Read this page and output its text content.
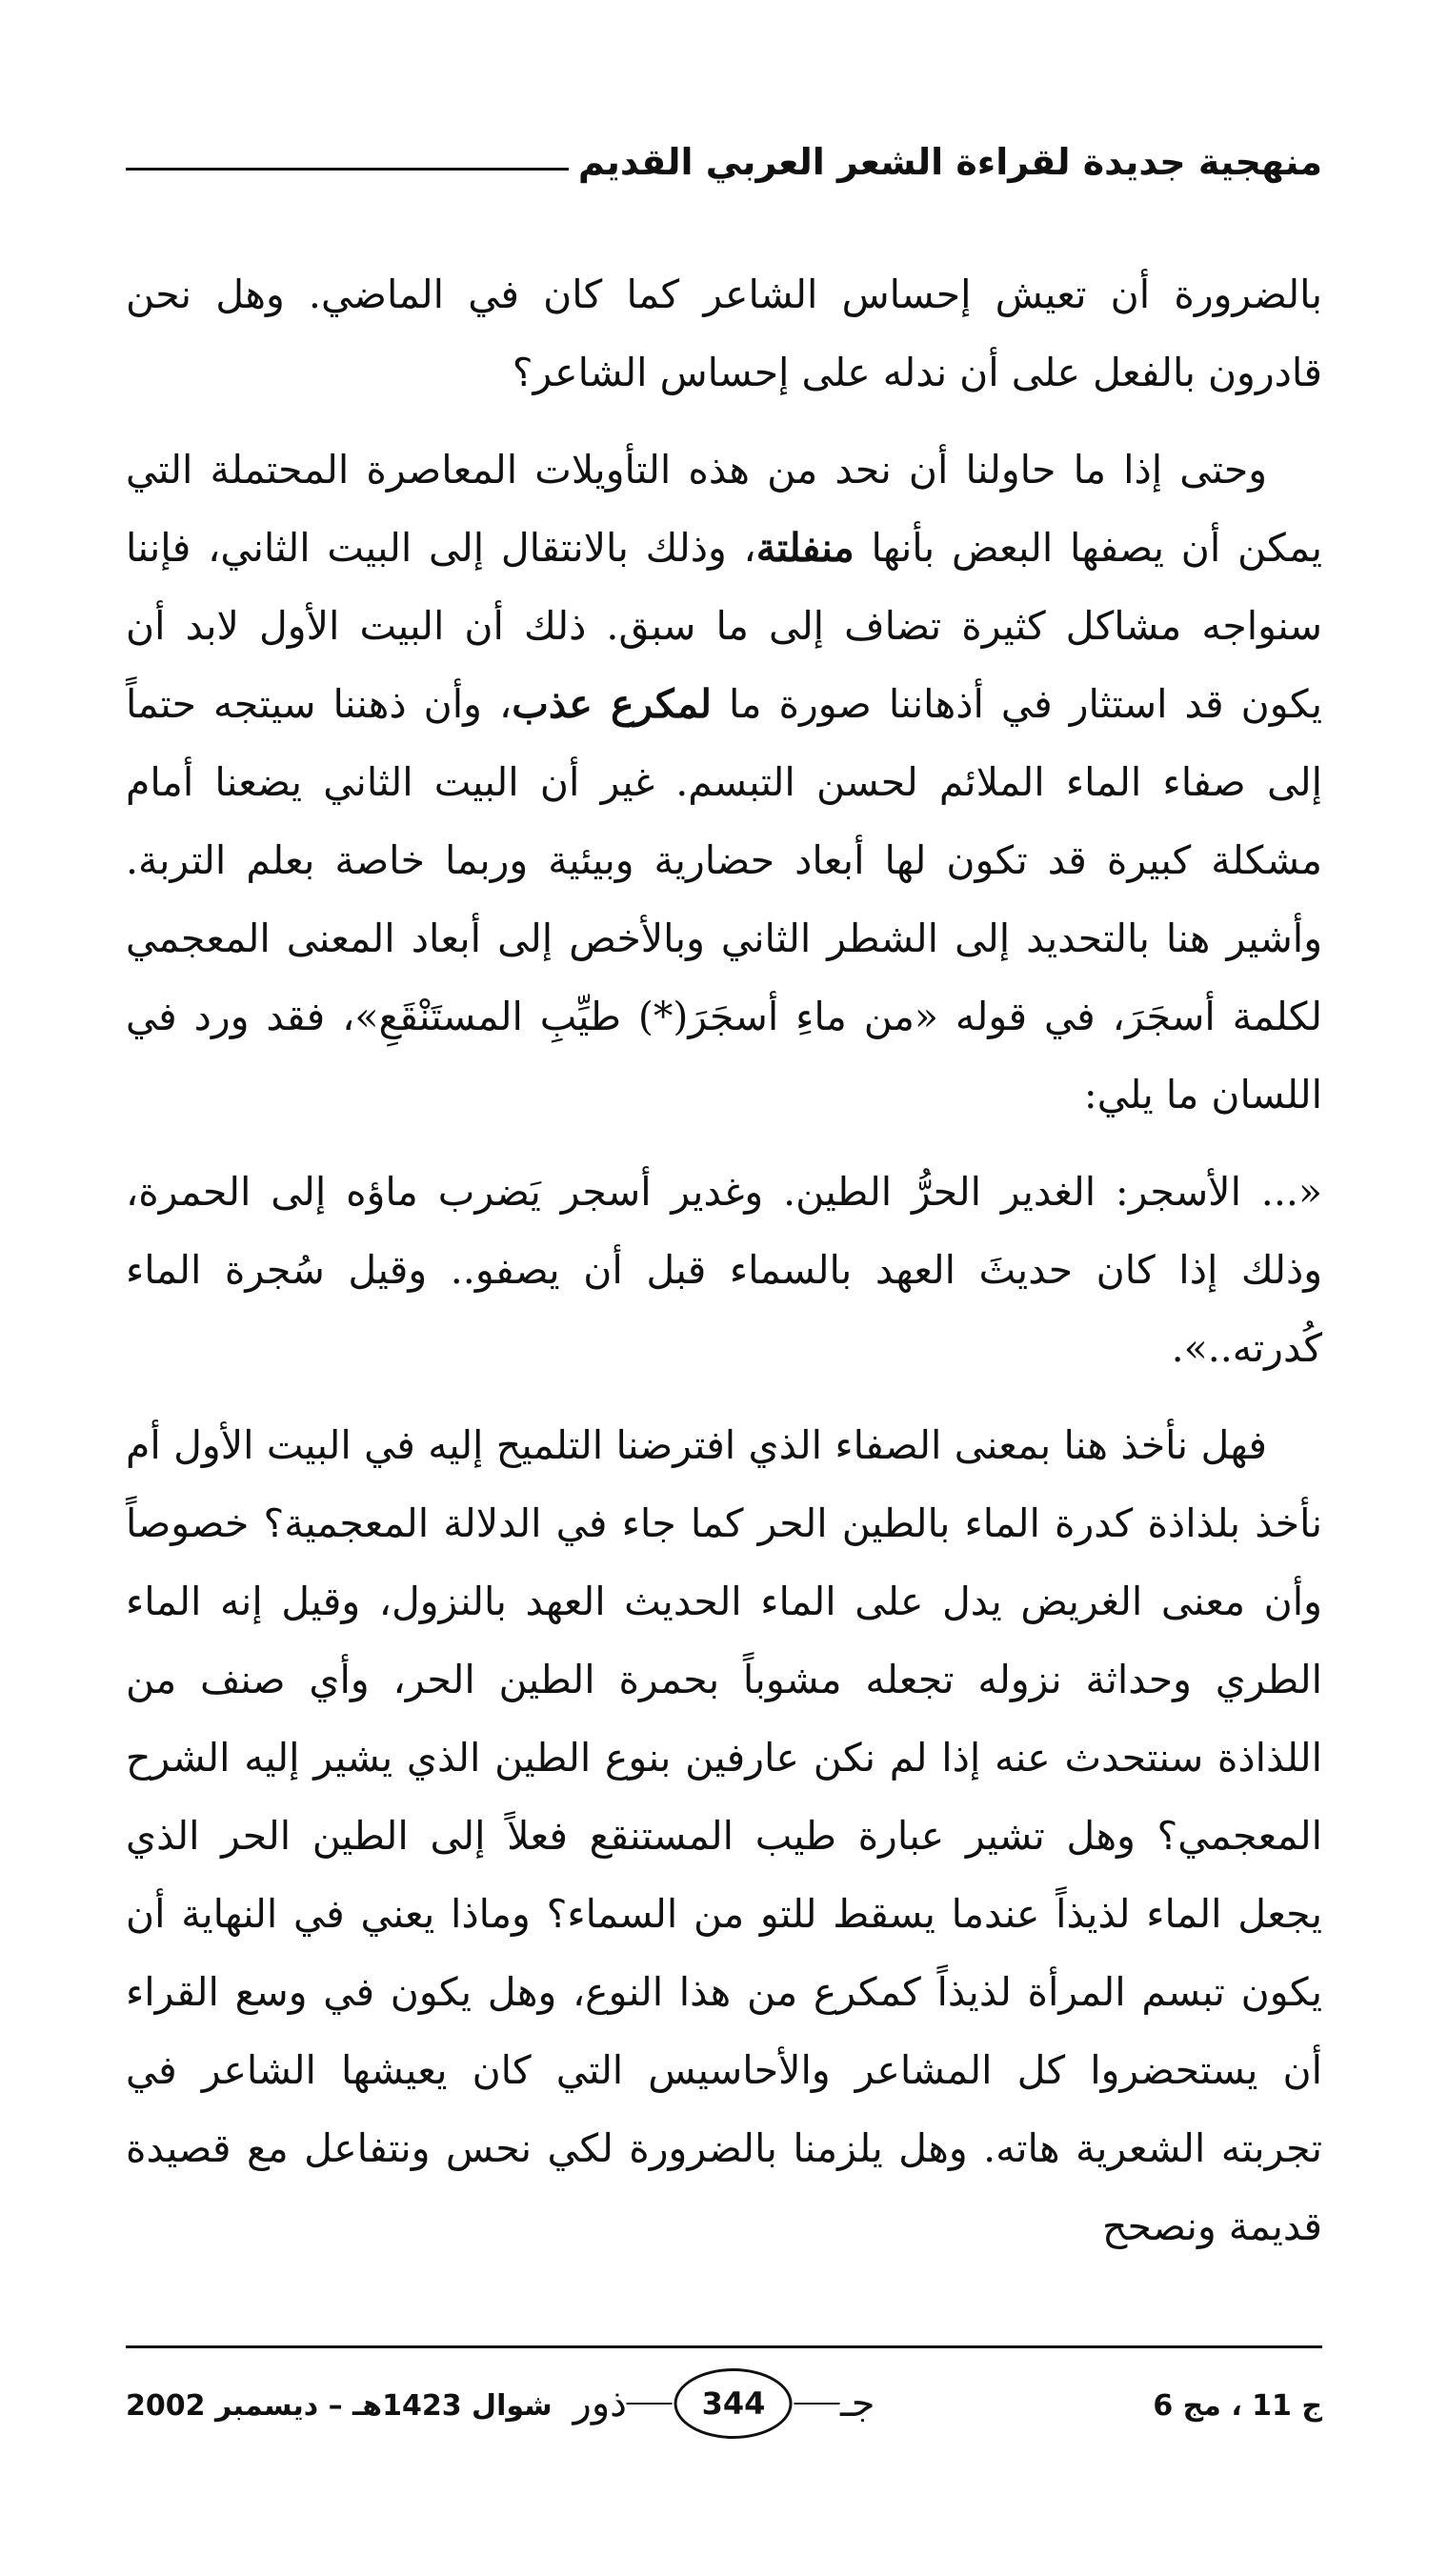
منهجية جديدة لقراءة الشعر العربي القديم

بالضرورة أن تعيش إحساس الشاعر كما كان في الماضي. وهل نحن قادرون بالفعل على أن ندله على إحساس الشاعر؟

وحتى إذا ما حاولنا أن نحد من هذه التأويلات المعاصرة المحتملة التي يمكن أن يصفها البعض بأنها منفلتة، وذلك بالانتقال إلى البيت الثاني، فإننا سنواجه مشاكل كثيرة تضاف إلى ما سبق. ذلك أن البيت الأول لابد أن يكون قد استثار في أذهاننا صورة ما لمكرع عذب، وأن ذهننا سيتجه حتماً إلى صفاء الماء الملائم لحسن التبسم. غير أن البيت الثاني يضعنا أمام مشكلة كبيرة قد تكون لها أبعاد حضارية وبيئية وربما خاصة بعلم التربة. وأشير هنا بالتحديد إلى الشطر الثاني وبالأخص إلى أبعاد المعنى المعجمي لكلمة أسجَرَ، في قوله «من ماءِ أسجَرَ(*) طيِّبِ المستَنْقَعِ»، فقد ورد في اللسان ما يلي:

«... الأسجر: الغدير الحرُّ الطين. وغدير أسجر يَضرب ماؤه إلى الحمرة، وذلك إذا كان حديثَ العهد بالسماء قبل أن يصفو.. وقيل سُجرة الماء كُدرته..».

فهل نأخذ هنا بمعنى الصفاء الذي افترضنا التلميح إليه في البيت الأول أم نأخذ بلذاذة كدرة الماء بالطين الحر كما جاء في الدلالة المعجمية؟ خصوصاً وأن معنى الغريض يدل على الماء الحديث العهد بالنزول، وقيل إنه الماء الطري وحداثة نزوله تجعله مشوباً بحمرة الطين الحر، وأي صنف من اللذاذة سنتحدث عنه إذا لم نكن عارفين بنوع الطين الذي يشير إليه الشرح المعجمي؟ وهل تشير عبارة طيب المستنقع فعلاً إلى الطين الحر الذي يجعل الماء لذيذاً عندما يسقط للتو من السماء؟ وماذا يعني في النهاية أن يكون تبسم المرأة لذيذاً كمكرع من هذا النوع، وهل يكون في وسع القراء أن يستحضروا كل المشاعر والأحاسيس التي كان يعيشها الشاعر في تجربته الشعرية هاته. وهل يلزمنا بالضرورة لكي نحس ونتفاعل مع قصيدة قديمة ونصحح

ج 11 ، مج 6
جـ
344
ذور
شوال 1423هـ – ديسمبر 2002
